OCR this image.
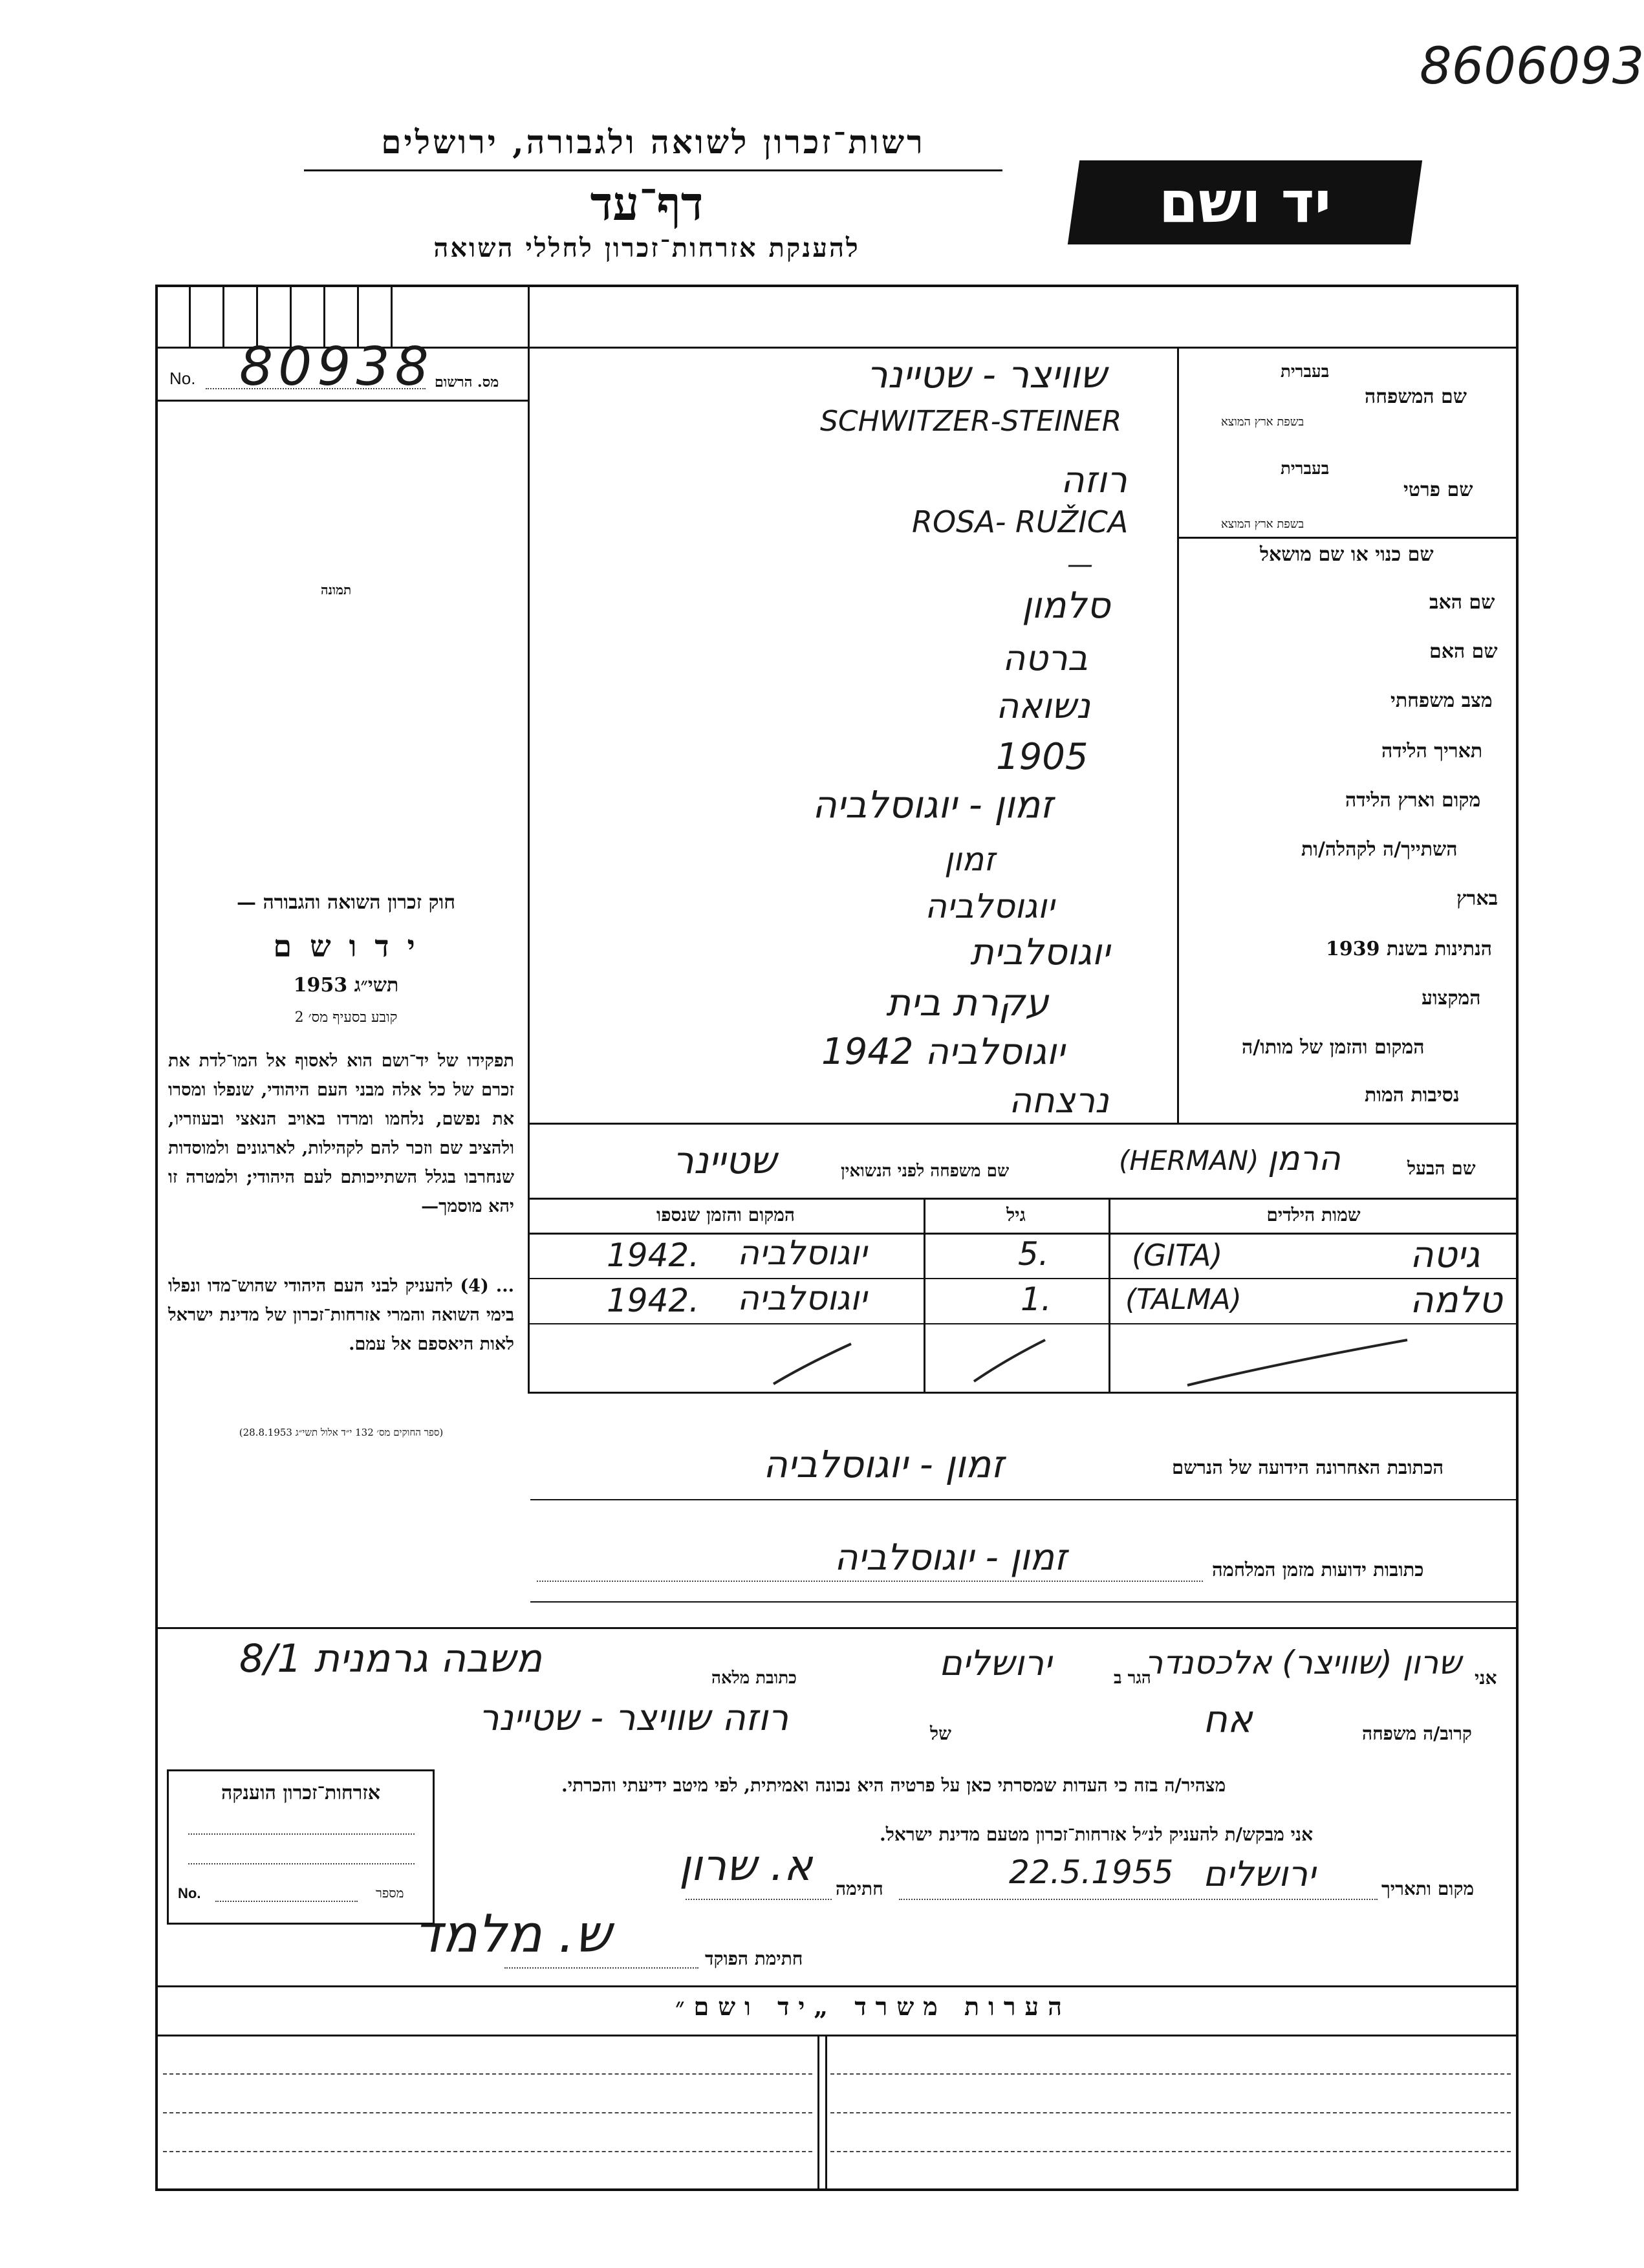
8606093
רשות־זכרון לשואה ולגבורה, ירושלים
דף־עד
להענקת אזרחות־זכרון לחללי השואה
יד ושם
No. 80938 מס. הרשום
תמונה
חוק זכרון השואה והגבורה —
י ד ו ש ם
תשי״ג 1953
קובע בסעיף מס׳ 2
תפקידו של יד־ושם הוא לאסוף אל המו־לדת את זכרם של כל אלה מבני העם היהודי, שנפלו ומסרו את נפשם, נלחמו ומרדו באויב הנאצי ובעוזריו, ולהציב שם וזכר להם לקהילות, לארגונים ולמוסדות שנחרבו בגלל השתייכותם לעם היהודי; ולמטרה זו יהא מוסמך—
... (4) להעניק לבני העם היהודי שהוש־מדו ונפלו בימי השואה והמרי אזרחות־זכרון של מדינת ישראל לאות היאספם אל עמם.
(ספר החוקים מס׳ 132 י״ד אלול תשי״ג 28.8.1953)
בעברית
שם המשפחה
בשפת ארץ המוצא
שוויצר - שטיינר
SCHWITZER-STEINER
בעברית
שם פרטי
בשפת ארץ המוצא
רוזה
ROSA- RUŽICA
שם כנוי או שם מושאל
—
שם האב
סלמון
שם האם
ברטה
מצב משפחתי
נשואה
תאריך הלידה
1905
מקום וארץ הלידה
זמון - יוגוסלביה
השתייך/ה לקהלה/ות
זמון
בארץ
יוגוסלביה
הנתינות בשנת 1939
יוגוסלבית
המקצוע
עקרת בית
המקום והזמן של מותו/ה
יוגוסלביה 1942
נסיבות המות
נרצחה
שם הבעל
הרמן
(HERMAN)
שם משפחה לפני הנשואין
שטיינר
שמות הילדים
גיל
המקום והזמן שנספו
גיטה
(GITA)
5.
יוגוסלביה
1942.
טלמה
(TALMA)
1.
יוגוסלביה
1942.
הכתובת האחרונה הידועה של הנרשם
זמון - יוגוסלביה
כתובות ידועות מזמן המלחמה
זמון - יוגוסלביה
אני
שרון (שוויצר) אלכסנדר
הגר ב
ירושלים
כתובת מלאה
משבה גרמנית 8/1
קרוב/ה משפחה
אח
של
רוזה שוויצר - שטיינר
מצהיר/ה בזה כי העדות שמסרתי כאן על פרטיה היא נכונה ואמיתית, לפי מיטב ידיעתי והכרתי.
אני מבקש/ת להעניק לנ״ל אזרחות־זכרון מטעם מדינת ישראל.
מקום ותאריך
ירושלים
22.5.1955
חתימה
א. שרון
חתימת הפוקד
ש. מלמד
אזרחות־זכרון הוענקה
No.	מספר
הערות משרד „יד ושם״
